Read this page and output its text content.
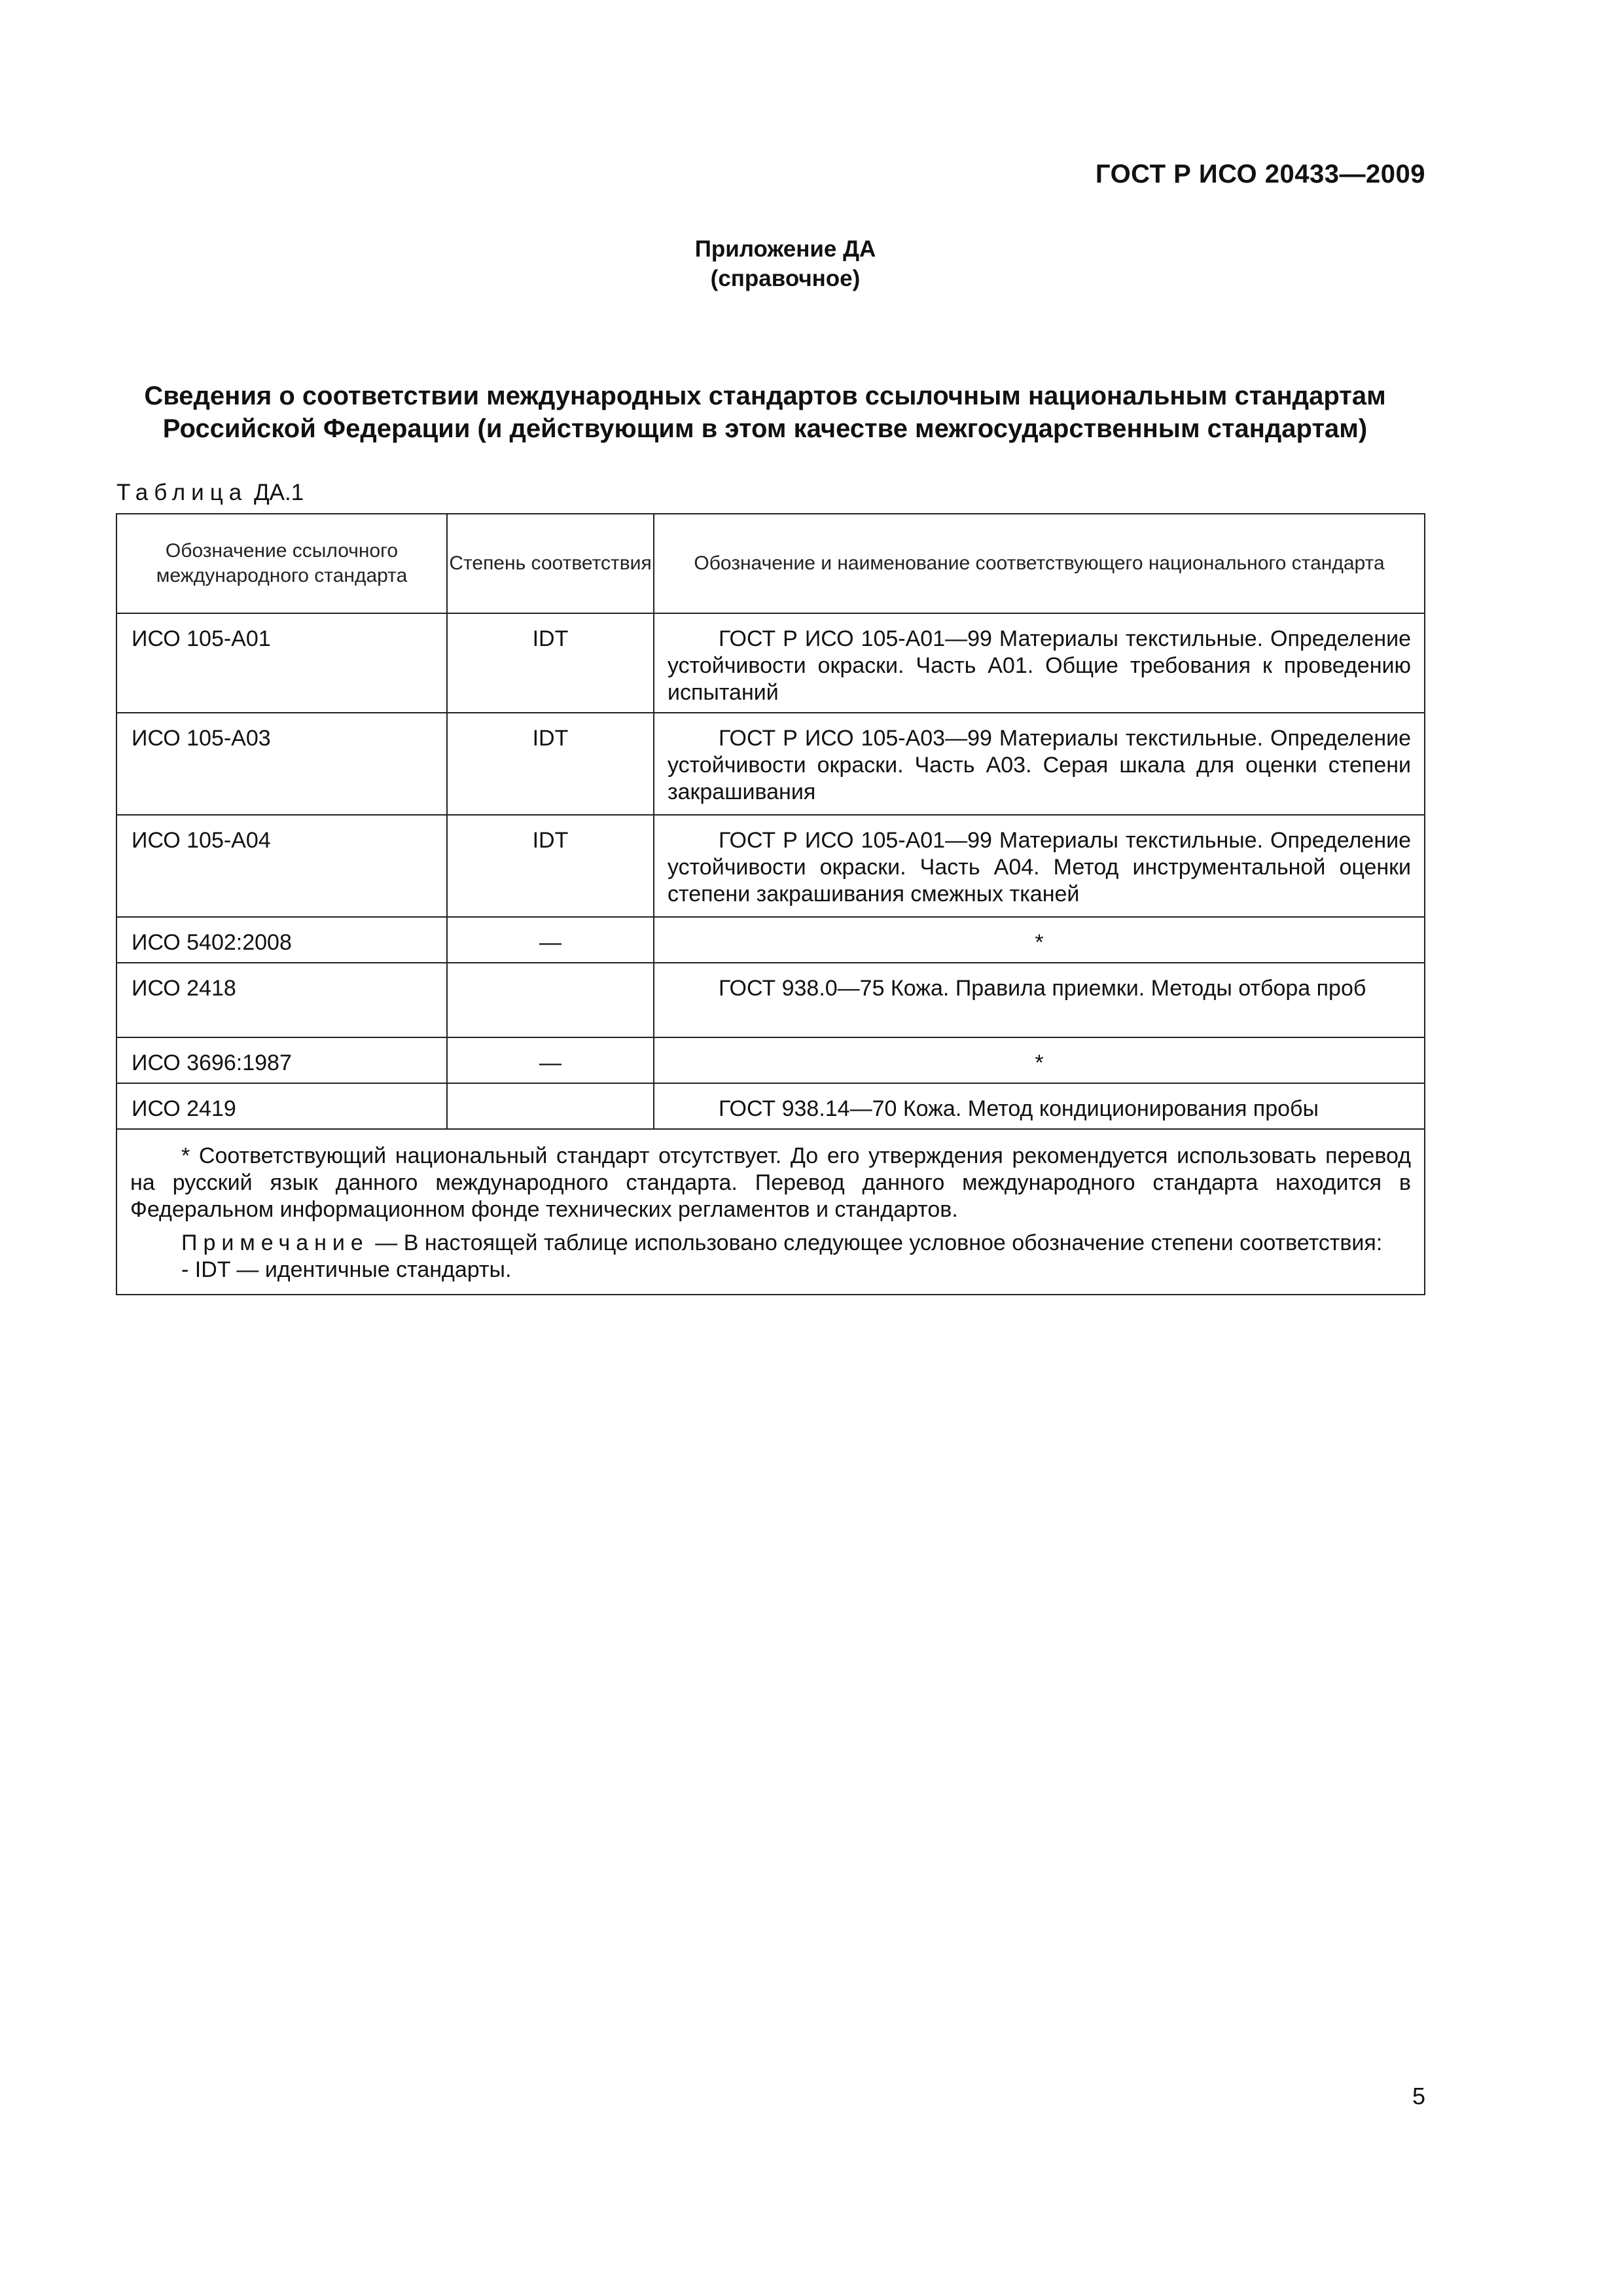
ГОСТ Р ИСО 20433—2009
Приложение ДА
(справочное)
Сведения о соответствии международных стандартов ссылочным национальным стандартам
Российской Федерации (и действующим в этом качестве межгосударственным стандартам)
Таблица ДА.1
Обозначение ссылочного международного стандарта	Степень соответствия	Обозначение и наименование соответствующего национального стандарта
ИСО 105-А01	IDT	ГОСТ Р ИСО 105-А01—99 Материалы текстильные. Определение устойчивости окраски. Часть А01. Общие требования к проведению испытаний
ИСО 105-А03	IDT	ГОСТ Р ИСО 105-А03—99 Материалы текстильные. Определение устойчивости окраски. Часть А03. Серая шкала для оценки степени закрашивания
ИСО 105-А04	IDT	ГОСТ Р ИСО 105-А01—99 Материалы текстильные. Определение устойчивости окраски. Часть А04. Метод инструментальной оценки степени закрашивания смежных тканей
ИСО 5402:2008	—	*
ИСО 2418		ГОСТ 938.0—75 Кожа. Правила приемки. Методы отбора проб
ИСО 3696:1987	—	*
ИСО 2419		ГОСТ 938.14—70 Кожа. Метод кондиционирования пробы

* Соответствующий национальный стандарт отсутствует. До его утверждения рекомендуется использовать перевод на русский язык данного международного стандарта. Перевод данного международного стандарта находится в Федеральном информационном фонде технических регламентов и стандартов.

Примечание — В настоящей таблице использовано следующее условное обозначение степени соответствия:

- IDT — идентичные стандарты.		

5
